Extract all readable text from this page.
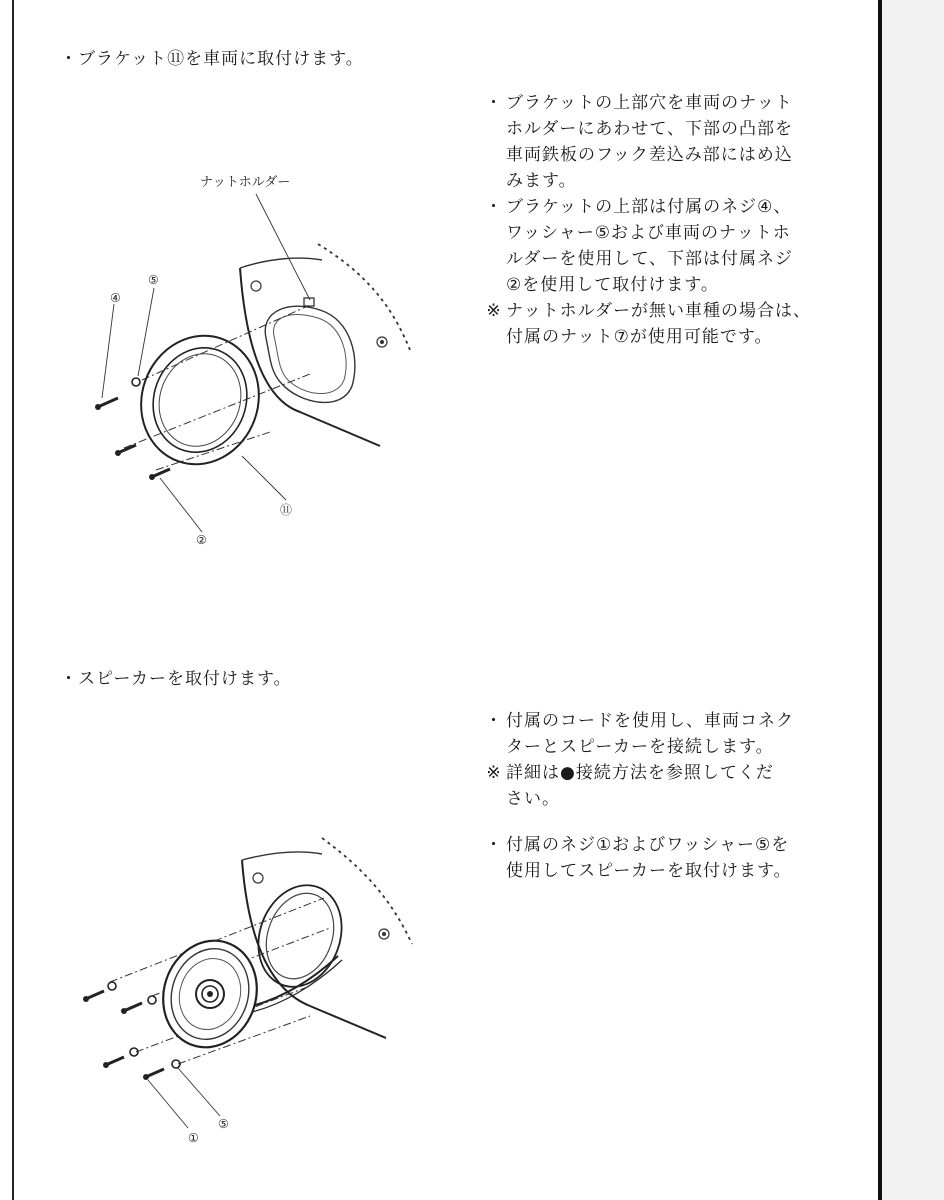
・ブラケット⑪を車両に取付けます。
・ ブラケットの上部穴を車両のナット
ホルダーにあわせて、下部の凸部を
車両鉄板のフック差込み部にはめ込
みます。
・ ブラケットの上部は付属のネジ④、
ワッシャー⑤および車両のナットホ
ルダーを使用して、下部は付属ネジ
②を使用して取付けます。
※ ナットホルダーが無い車種の場合は、
付属のナット⑦が使用可能です。
ナットホルダー
④
⑤
⑪
②
・スピーカーを取付けます。
・ 付属のコードを使用し、車両コネク
ターとスピーカーを接続します。
※ 詳細は●接続方法を参照してくだ
さい。
・ 付属のネジ①およびワッシャー⑤を
使用してスピーカーを取付けます。
①
⑤
